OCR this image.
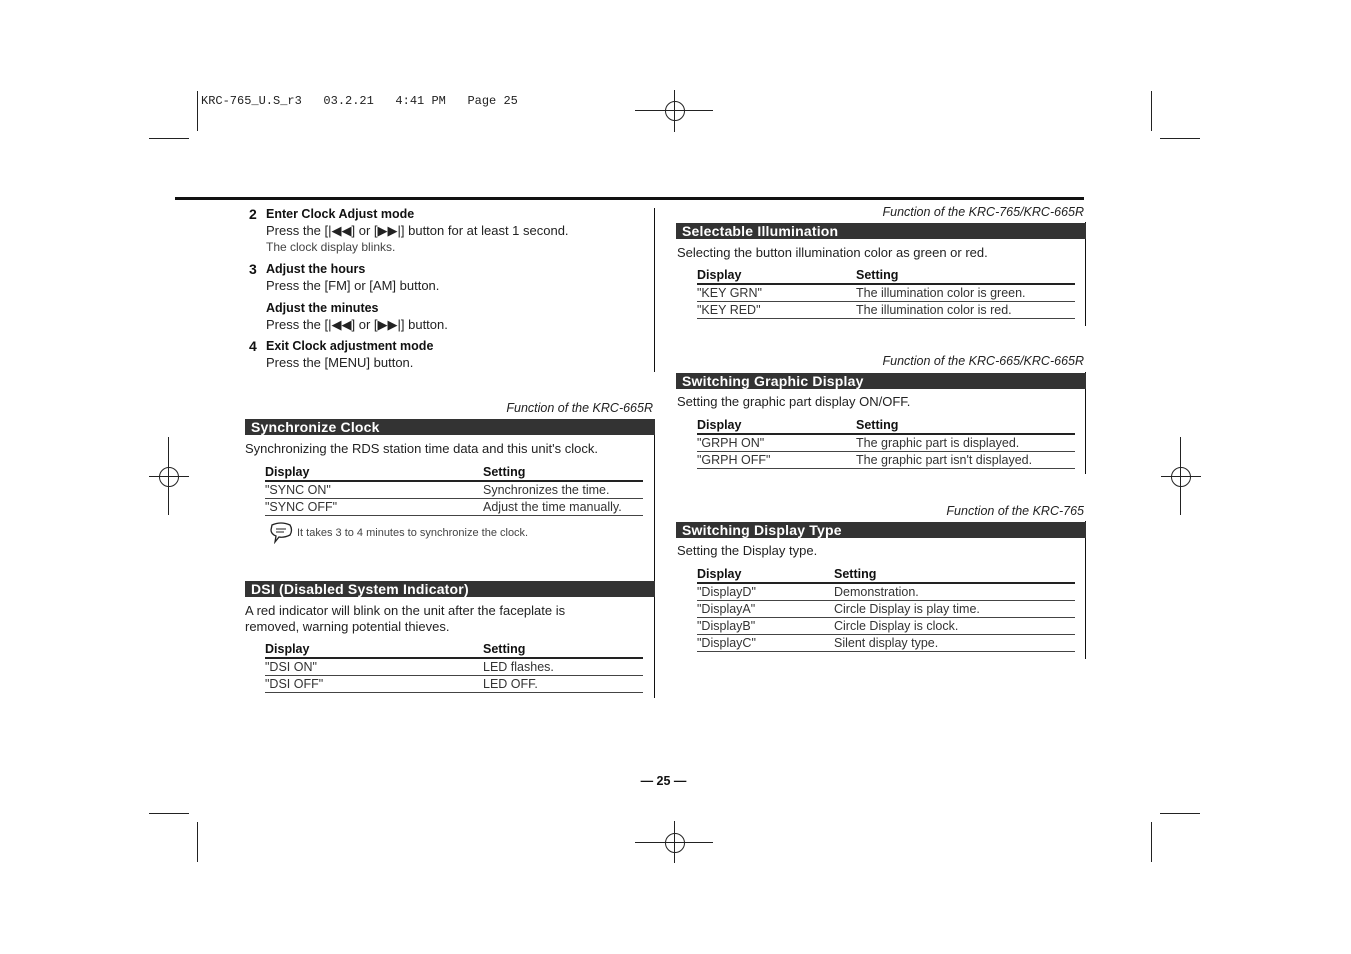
KRC-765_U.S_r3   03.2.21   4:41 PM   Page 25
2 Enter Clock Adjust mode
Press the [|◀◀] or [▶▶|] button for at least 1 second.
The clock display blinks.
3 Adjust the hours
Press the [FM] or [AM] button.
Adjust the minutes
Press the [|◀◀] or [▶▶|] button.
4 Exit Clock adjustment mode
Press the [MENU] button.
Function of the KRC-665R
Synchronize Clock
Synchronizing the RDS station time data and this unit's clock.
Display	Setting
"SYNC ON"	Synchronizes the time.
"SYNC OFF"	Adjust the time manually.
It takes 3 to 4 minutes to synchronize the clock.
DSI (Disabled System Indicator)
A red indicator will blink on the unit after the faceplate is
removed, warning potential thieves.
Display	Setting
"DSI ON"	LED flashes.
"DSI OFF"	LED OFF.
Function of the KRC-765/KRC-665R
Selectable Illumination
Selecting the button illumination color as green or red.
Display	Setting
"KEY GRN"	The illumination color is green.
"KEY RED"	The illumination color is red.
Function of the KRC-665/KRC-665R
Switching Graphic Display
Setting the graphic part display ON/OFF.
Display	Setting
"GRPH ON"	The graphic part is displayed.
"GRPH OFF"	The graphic part isn't displayed.
Function of the KRC-765
Switching Display Type
Setting the Display type.
Display	Setting
"DisplayD"	Demonstration.
"DisplayA"	Circle Display is play time.
"DisplayB"	Circle Display is clock.
"DisplayC"	Silent display type.
— 25 —
